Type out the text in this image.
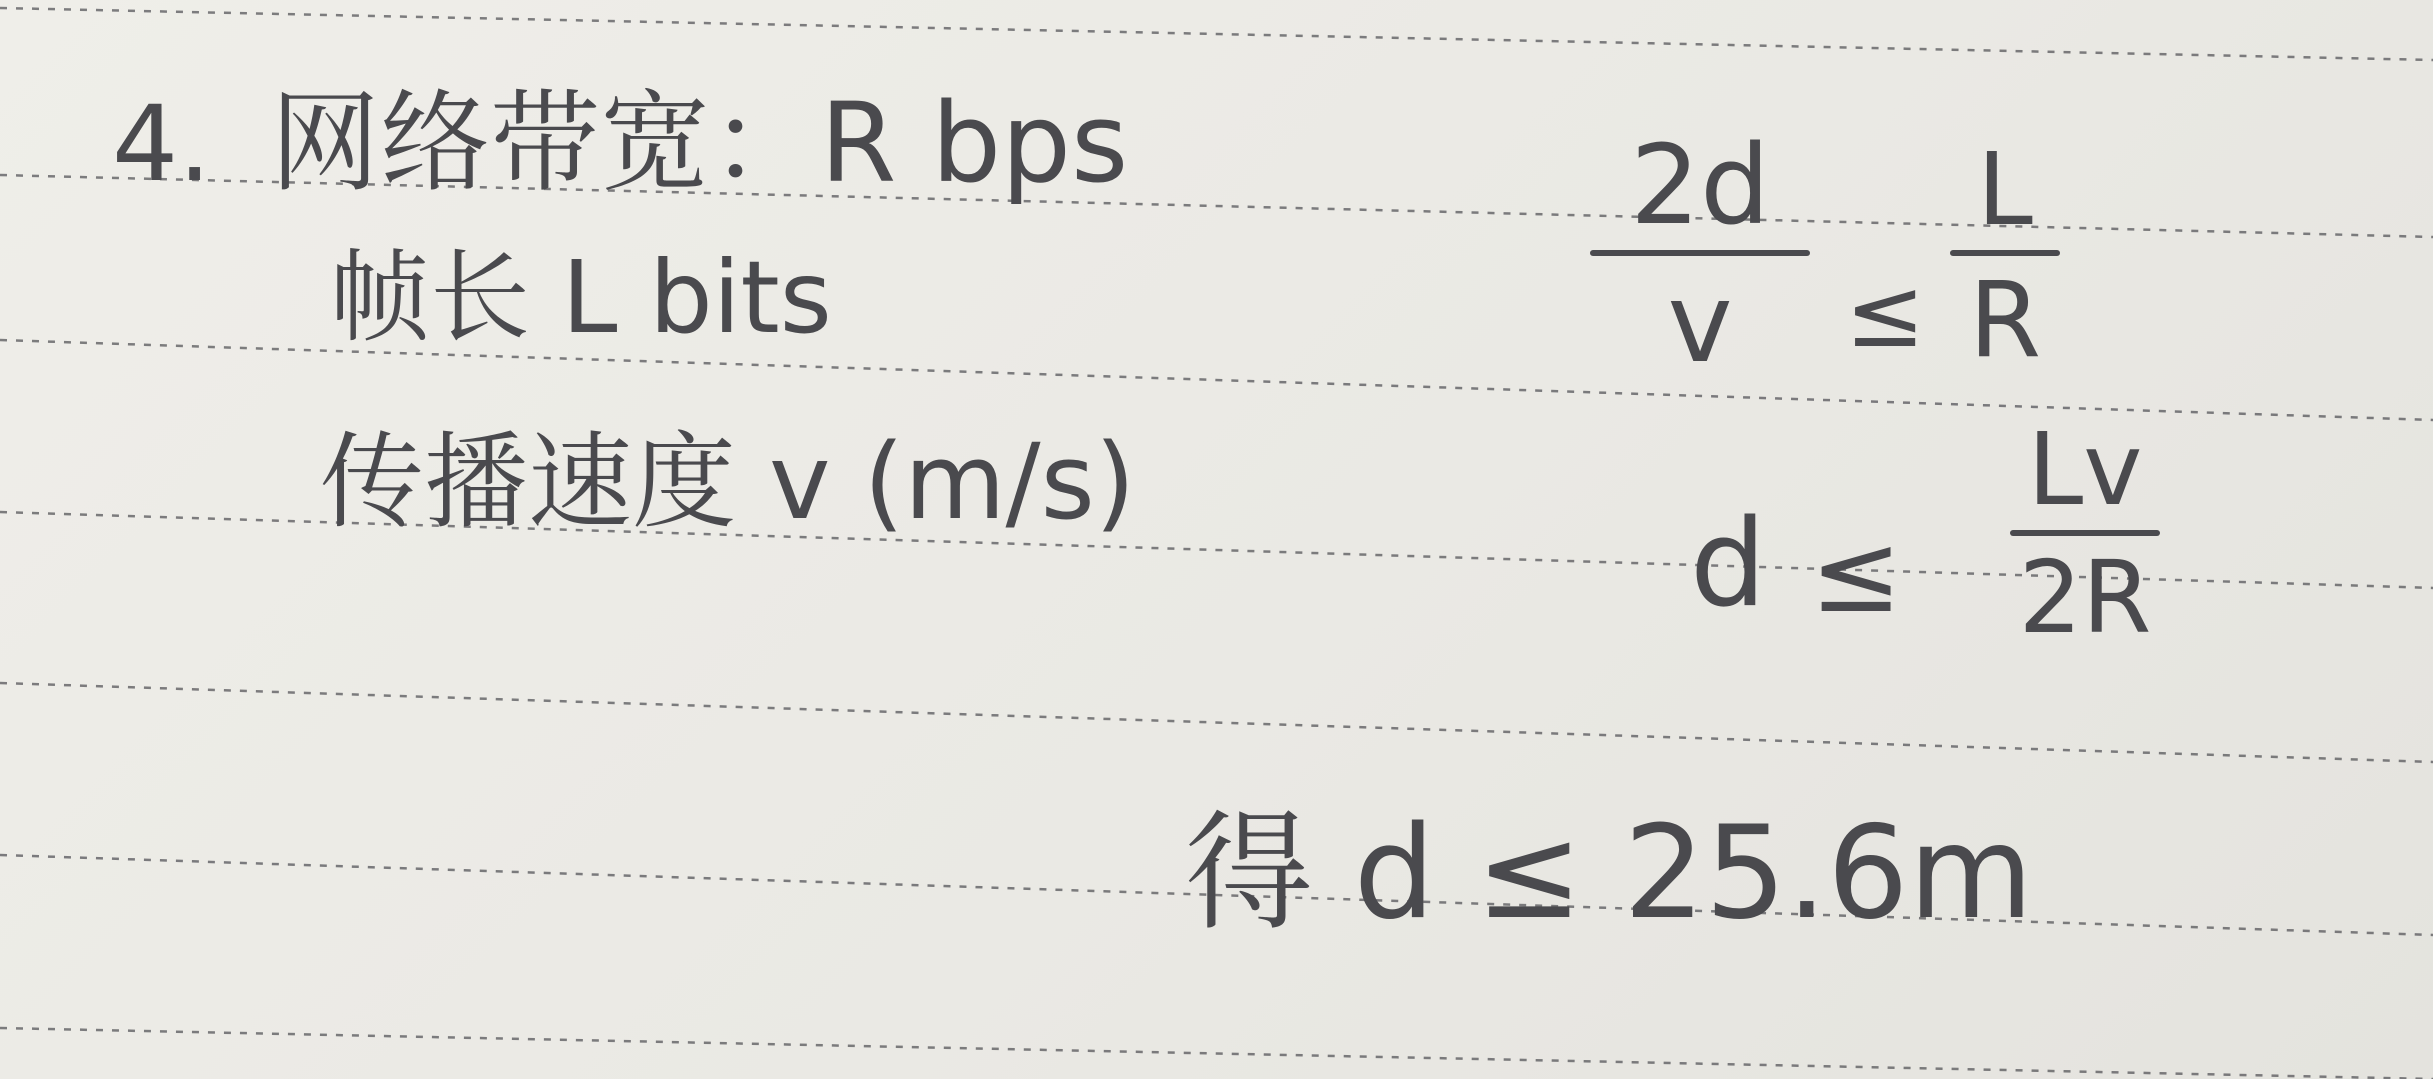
4. 网络带宽：R bps
帧长 L bits
传播速度 v (m/s)
2d
v ≤
L
R
d ≤
Lv
2R
得 d ≤ 25.6m
